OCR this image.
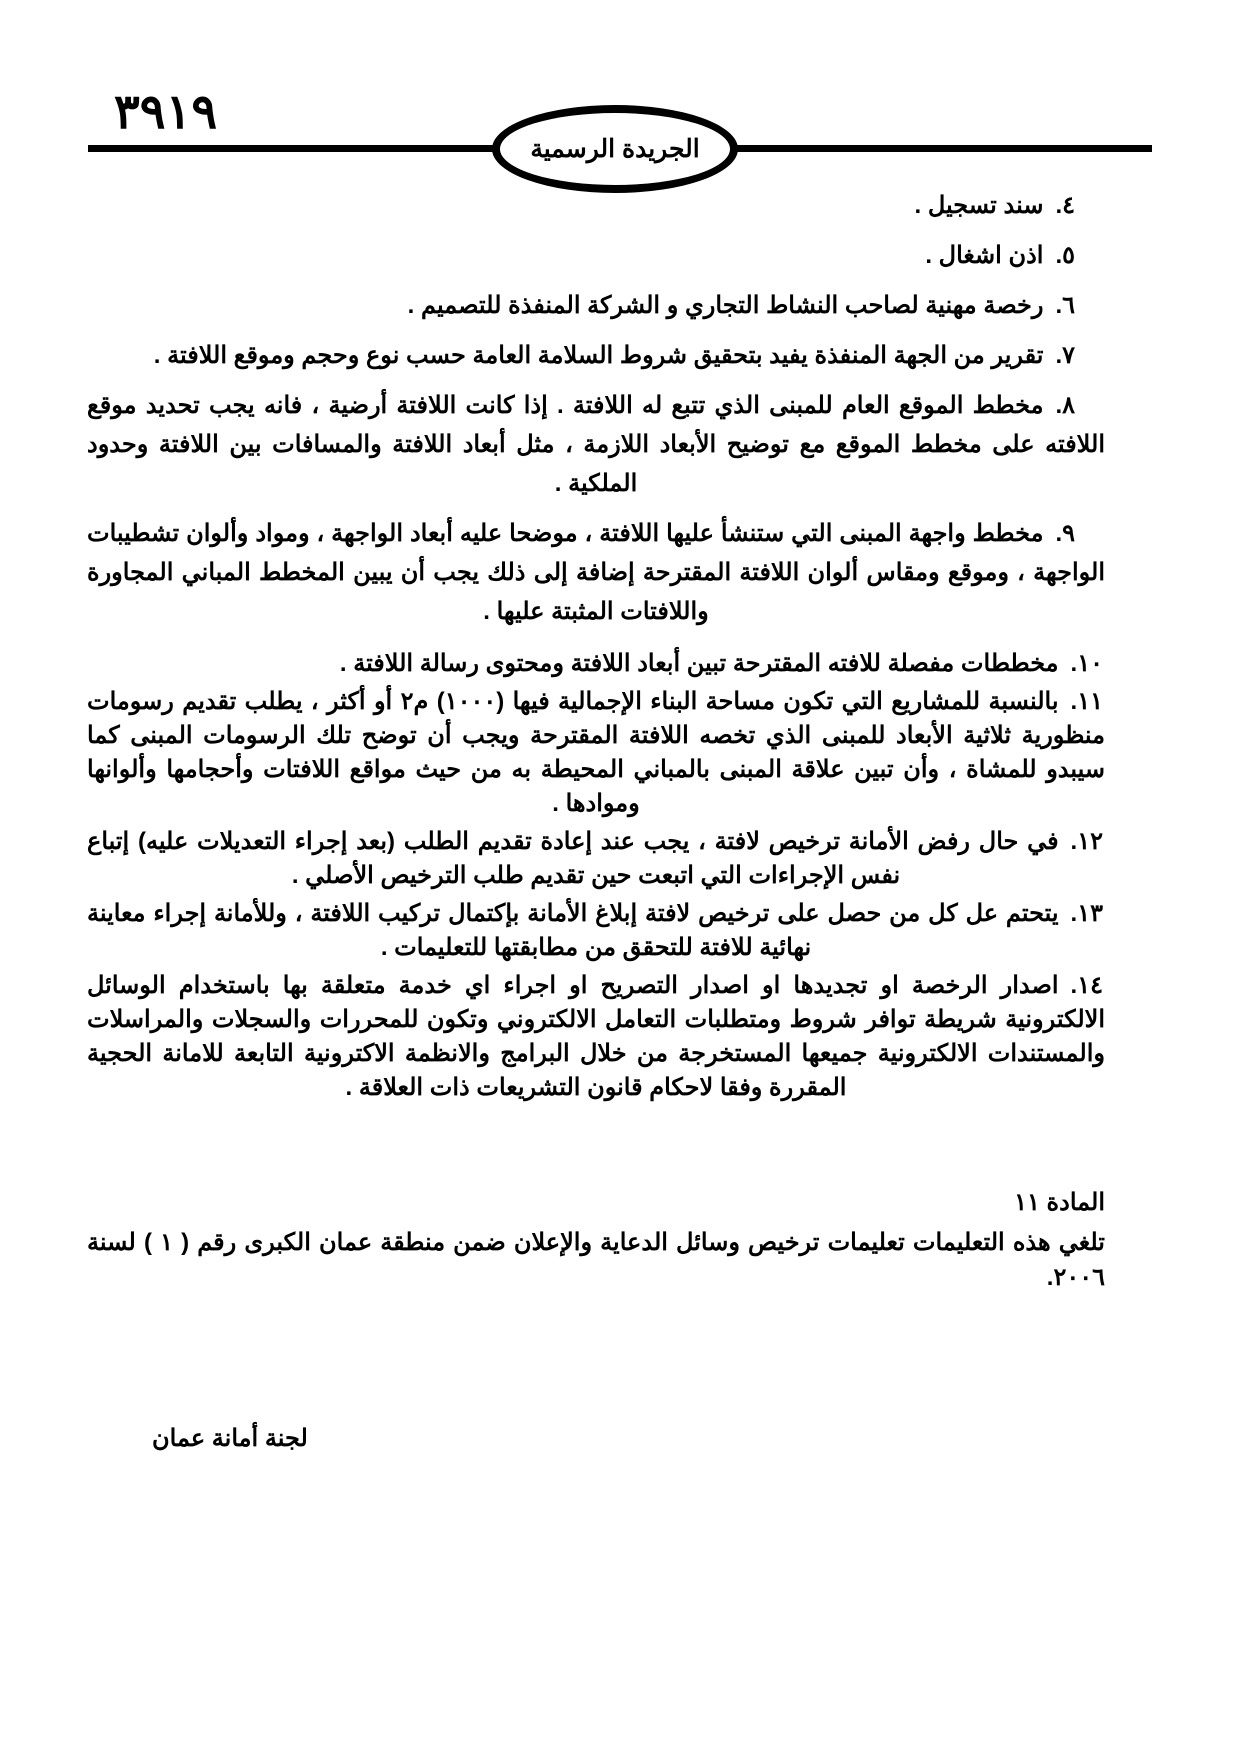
٣٩١٩
الجريدة الرسمية
٤.سند تسجيل .
٥.اذن اشغال .
٦.رخصة مهنية لصاحب النشاط التجاري و الشركة المنفذة للتصميم .
٧.تقرير من الجهة المنفذة يفيد بتحقيق شروط السلامة العامة حسب نوع وحجم وموقع اللافتة .
٨.مخطط الموقع العام للمبنى الذي تتبع له اللافتة . إذا كانت اللافتة أرضية ، فانه يجب تحديد موقع اللافته على مخطط الموقع مع توضيح الأبعاد اللازمة ، مثل أبعاد اللافتة والمسافات بين اللافتة وحدود الملكية .
٩.مخطط واجهة المبنى التي ستنشأ عليها اللافتة ، موضحا عليه أبعاد الواجهة ، ومواد وألوان تشطيبات الواجهة ، وموقع ومقاس ألوان اللافتة المقترحة إضافة إلى ذلك يجب أن يبين المخطط المباني المجاورة واللافتات المثبتة عليها .
١٠.مخططات مفصلة للافته المقترحة تبين أبعاد اللافتة ومحتوى رسالة اللافتة .
١١.بالنسبة للمشاريع التي تكون مساحة البناء الإجمالية فيها (١٠٠٠) م٢ أو أكثر ، يطلب تقديم رسومات منظورية ثلاثية الأبعاد للمبنى الذي تخصه اللافتة المقترحة ويجب أن توضح تلك الرسومات المبنى كما سيبدو للمشاة ، وأن تبين علاقة المبنى بالمباني المحيطة به من حيث مواقع اللافتات وأحجامها وألوانها وموادها .
١٢.في حال رفض الأمانة ترخيص لافتة ، يجب عند إعادة تقديم الطلب (بعد إجراء التعديلات عليه) إتباع نفس الإجراءات التي اتبعت حين تقديم طلب الترخيص الأصلي .
١٣.يتحتم عل كل من حصل على ترخيص لافتة إبلاغ الأمانة بإكتمال تركيب اللافتة ، وللأمانة إجراء معاينة نهائية للافتة للتحقق من مطابقتها للتعليمات .
١٤.اصدار الرخصة او تجديدها او اصدار التصريح او اجراء اي خدمة متعلقة بها باستخدام الوسائل الالكترونية شريطة توافر شروط ومتطلبات التعامل الالكتروني وتكون للمحررات والسجلات والمراسلات والمستندات الالكترونية جميعها المستخرجة من خلال البرامج والانظمة الاكترونية التابعة للامانة الحجية المقررة وفقا لاحكام قانون التشريعات ذات العلاقة .
المادة ١١
تلغي هذه التعليمات تعليمات ترخيص وسائل الدعاية والإعلان ضمن منطقة عمان الكبرى رقم ( ١ ) لسنة ٢٠٠٦.
لجنة أمانة عمان
